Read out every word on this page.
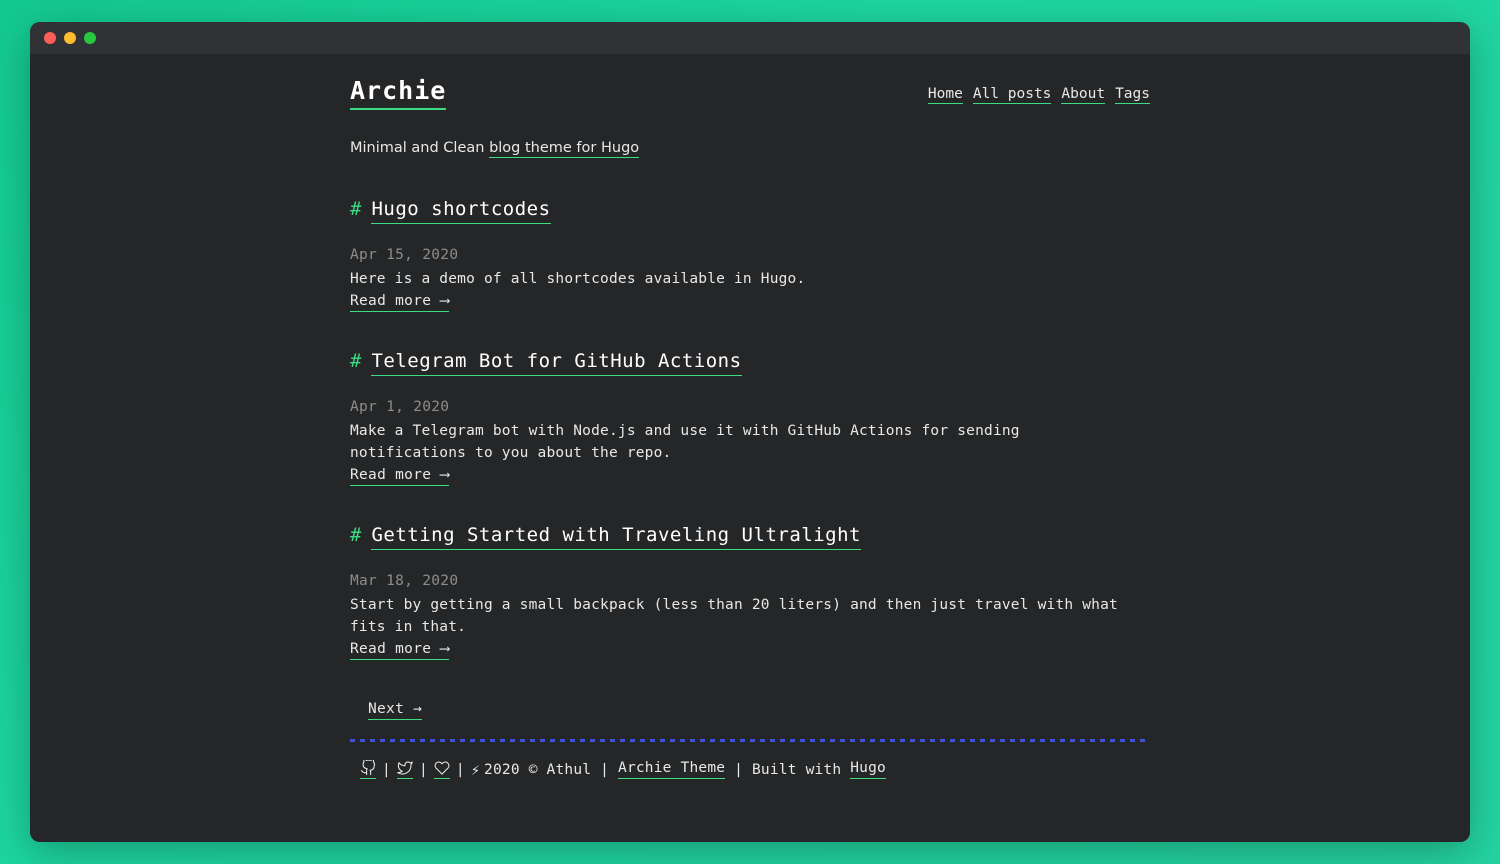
Archie	Home All posts About Tags
Minimal and Clean blog theme for Hugo
# Hugo shortcodes
Apr 15, 2020
Here is a demo of all shortcodes available in Hugo.
Read more ⟶
# Telegram Bot for GitHub Actions
Apr 1, 2020
Make a Telegram bot with Node.js and use it with GitHub Actions for sending notifications to you about the repo.
Read more ⟶
# Getting Started with Traveling Ultralight
Mar 18, 2020
Start by getting a small backpack (less than 20 liters) and then just travel with what fits in that.
Read more ⟶
Next →
| | | ⚡ 2020 © Athul | Archie Theme | Built with Hugo
